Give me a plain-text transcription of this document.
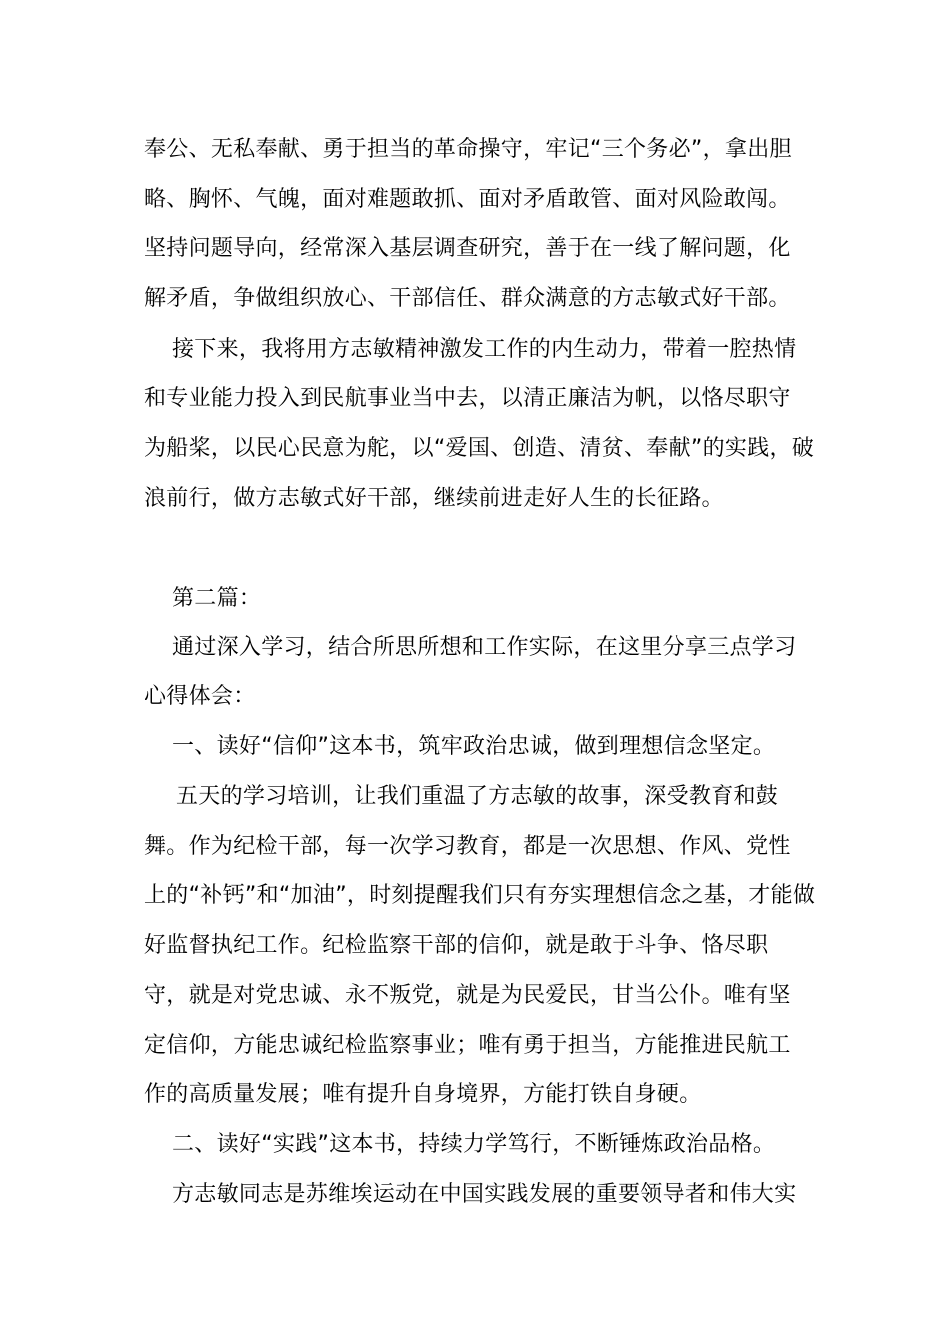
奉公、无私奉献、勇于担当的革命操守，牢记“三个务必”，拿出胆
略、胸怀、气魄，面对难题敢抓、面对矛盾敢管、面对风险敢闯。
坚持问题导向，经常深入基层调查研究，善于在一线了解问题，化
解矛盾，争做组织放心、干部信任、群众满意的方志敏式好干部。
接下来，我将用方志敏精神激发工作的内生动力，带着一腔热情
和专业能力投入到民航事业当中去，以清正廉洁为帆，以恪尽职守
为船桨，以民心民意为舵，以“爱国、创造、清贫、奉献”的实践，破
浪前行，做方志敏式好干部，继续前进走好人生的长征路。
第二篇：
通过深入学习，结合所思所想和工作实际，在这里分享三点学习
心得体会：
一、读好“信仰”这本书，筑牢政治忠诚，做到理想信念坚定。
五天的学习培训，让我们重温了方志敏的故事，深受教育和鼓
舞。作为纪检干部，每一次学习教育，都是一次思想、作风、党性
上的“补钙”和“加油”，时刻提醒我们只有夯实理想信念之基，才能做
好监督执纪工作。纪检监察干部的信仰，就是敢于斗争、恪尽职
守，就是对党忠诚、永不叛党，就是为民爱民，甘当公仆。唯有坚
定信仰，方能忠诚纪检监察事业；唯有勇于担当，方能推进民航工
作的高质量发展；唯有提升自身境界，方能打铁自身硬。
二、读好“实践”这本书，持续力学笃行，不断锤炼政治品格。
方志敏同志是苏维埃运动在中国实践发展的重要领导者和伟大实
